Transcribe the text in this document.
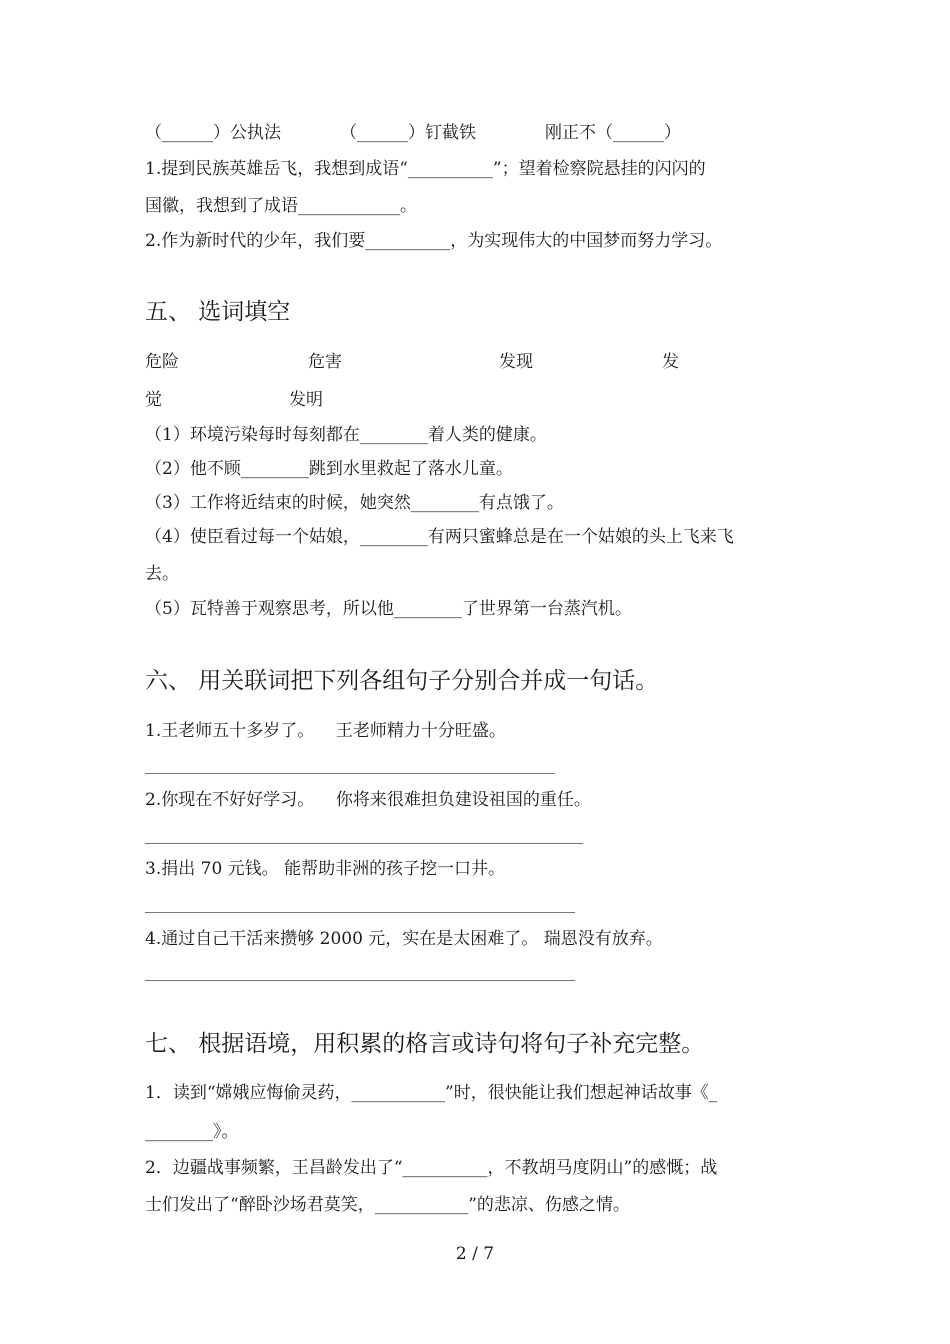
（______）公执法	（______）钉截铁	刚正不（______）
1.提到民族英雄岳飞，我想到成语“__________”；望着检察院悬挂的闪闪的
国徽，我想到了成语____________。
2.作为新时代的少年，我们要__________，为实现伟大的中国梦而努力学习。
五、 选词填空
危险	危害	发现	发
觉	发明
（1）环境污染每时每刻都在________着人类的健康。
（2）他不顾________跳到水里救起了落水儿童。
（3）工作将近结束的时候，她突然________有点饿了。
（4）使臣看过每一个姑娘，________有两只蜜蜂总是在一个姑娘的头上飞来飞
去。
（5）瓦特善于观察思考，所以他________了世界第一台蒸汽机。
六、 用关联词把下列各组句子分别合并成一句话。
1.王老师五十多岁了。    王老师精力十分旺盛。
2.你现在不好好学习。    你将来很难担负建设祖国的重任。
3.捐出 70 元钱。 能帮助非洲的孩子挖一口井。
4.通过自己干活来攒够 2000 元，实在是太困难了。 瑞恩没有放弃。
七、 根据语境，用积累的格言或诗句将句子补充完整。
1．读到“嫦娥应悔偷灵药，___________”时，很快能让我们想起神话故事《_
________》。
2．边疆战事频繁，王昌龄发出了“__________，不教胡马度阴山”的感慨；战
士们发出了“醉卧沙场君莫笑，___________”的悲凉、伤感之情。
2 / 7
